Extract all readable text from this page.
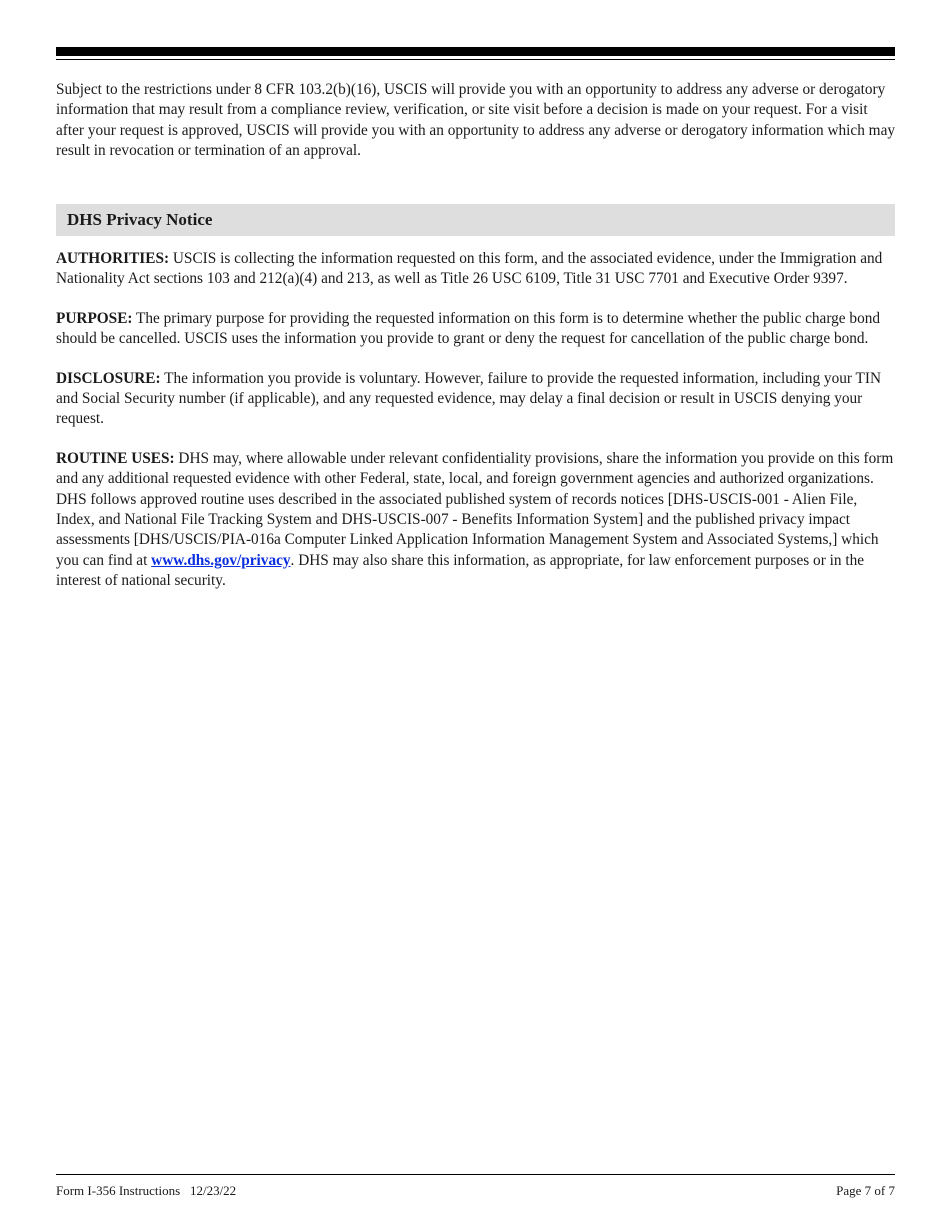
Subject to the restrictions under 8 CFR 103.2(b)(16), USCIS will provide you with an opportunity to address any adverse or derogatory information that may result from a compliance review, verification, or site visit before a decision is made on your request. For a visit after your request is approved, USCIS will provide you with an opportunity to address any adverse or derogatory information which may result in revocation or termination of an approval.

DHS Privacy Notice

AUTHORITIES: USCIS is collecting the information requested on this form, and the associated evidence, under the Immigration and Nationality Act sections 103 and 212(a)(4) and 213, as well as Title 26 USC 6109, Title 31 USC 7701 and Executive Order 9397.

PURPOSE: The primary purpose for providing the requested information on this form is to determine whether the public charge bond should be cancelled. USCIS uses the information you provide to grant or deny the request for cancellation of the public charge bond.

DISCLOSURE: The information you provide is voluntary. However, failure to provide the requested information, including your TIN and Social Security number (if applicable), and any requested evidence, may delay a final decision or result in USCIS denying your request.

ROUTINE USES: DHS may, where allowable under relevant confidentiality provisions, share the information you provide on this form and any additional requested evidence with other Federal, state, local, and foreign government agencies and authorized organizations. DHS follows approved routine uses described in the associated published system of records notices [DHS-USCIS-001 - Alien File, Index, and National File Tracking System and DHS-USCIS-007 - Benefits Information System] and the published privacy impact assessments [DHS/USCIS/PIA-016a Computer Linked Application Information Management System and Associated Systems,] which you can find at www.dhs.gov/privacy. DHS may also share this information, as appropriate, for law enforcement purposes or in the interest of national security.

Form I-356 Instructions   12/23/22	Page 7 of 7
